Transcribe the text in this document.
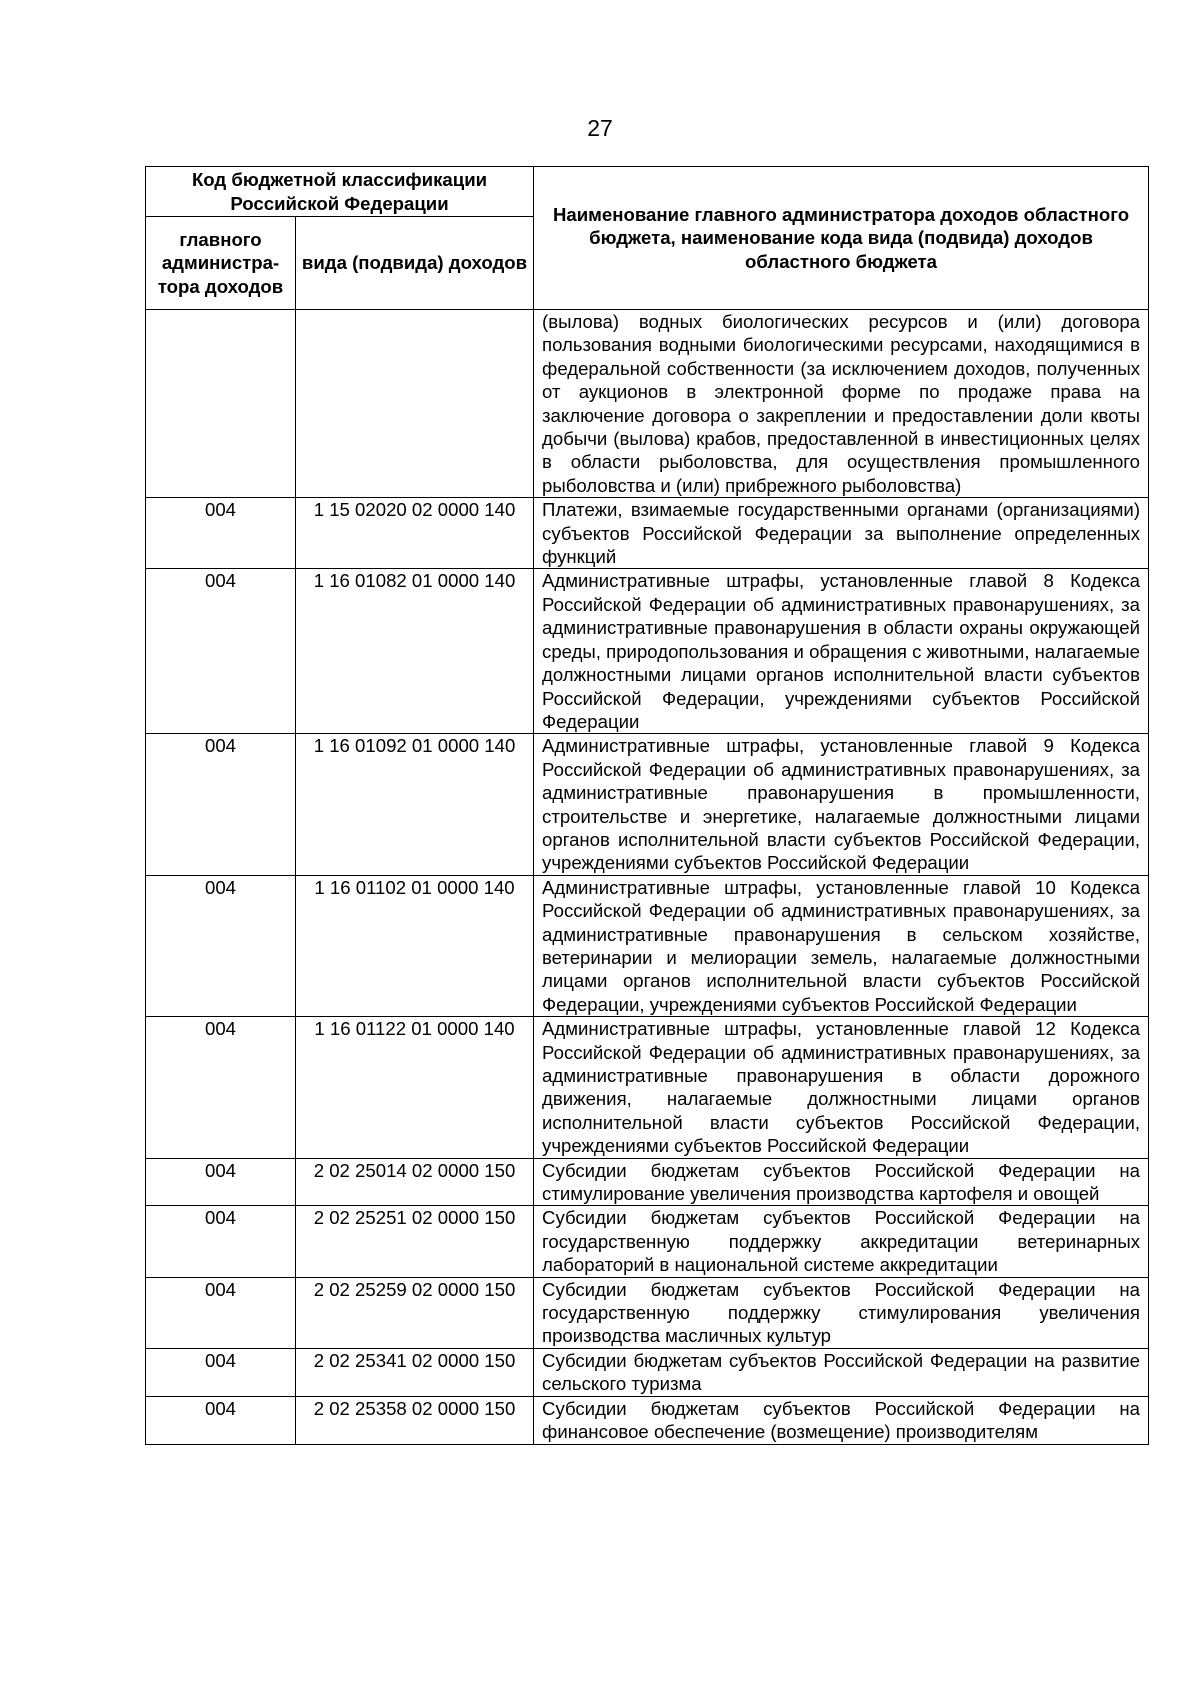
27
Код бюджетной классификации Российской Федерации		Наименование главного администратора доходов областного бюджета, наименование кода вида (подвида) доходов областного бюджета
главного администра-тора доходов	вида (подвида) доходов	
		(вылова) водных биологических ресурсов и (или) договора пользования водными биологическими ресурсами, находящимися в федеральной собственности (за исключением доходов, полученных от аукционов в электронной форме по продаже права на заключение договора о закреплении и предоставлении доли квоты добычи (вылова) крабов, предоставленной в инвестиционных целях в области рыболовства, для осуществления промышленного рыболовства и (или) прибрежного рыболовства)
004	1 15 02020 02 0000 140	Платежи, взимаемые государственными органами (организациями) субъектов Российской Федерации за выполнение определенных функций
004	1 16 01082 01 0000 140	Административные штрафы, установленные главой 8 Кодекса Российской Федерации об административных правонарушениях, за административные правонарушения в области охраны окружающей среды, природопользования и обращения с животными, налагаемые должностными лицами органов исполнительной власти субъектов Российской Федерации, учреждениями субъектов Российской Федерации
004	1 16 01092 01 0000 140	Административные штрафы, установленные главой 9 Кодекса Российской Федерации об административных правонарушениях, за административные правонарушения в промышленности, строительстве и энергетике, налагаемые должностными лицами органов исполнительной власти субъектов Российской Федерации, учреждениями субъектов Российской Федерации
004	1 16 01102 01 0000 140	Административные штрафы, установленные главой 10 Кодекса Российской Федерации об административных правонарушениях, за административные правонарушения в сельском хозяйстве, ветеринарии и мелиорации земель, налагаемые должностными лицами органов исполнительной власти субъектов Российской Федерации, учреждениями субъектов Российской Федерации
004	1 16 01122 01 0000 140	Административные штрафы, установленные главой 12 Кодекса Российской Федерации об административных правонарушениях, за административные правонарушения в области дорожного движения, налагаемые должностными лицами органов исполнительной власти субъектов Российской Федерации, учреждениями субъектов Российской Федерации
004	2 02 25014 02 0000 150	Субсидии бюджетам субъектов Российской Федерации на стимулирование увеличения производства картофеля и овощей
004	2 02 25251 02 0000 150	Субсидии бюджетам субъектов Российской Федерации на государственную поддержку аккредитации ветеринарных лабораторий в национальной системе аккредитации
004	2 02 25259 02 0000 150	Субсидии бюджетам субъектов Российской Федерации на государственную поддержку стимулирования увеличения производства масличных культур
004	2 02 25341 02 0000 150	Субсидии бюджетам субъектов Российской Федерации на развитие сельского туризма
004	2 02 25358 02 0000 150	Субсидии бюджетам субъектов Российской Федерации на финансовое обеспечение (возмещение) производителям
